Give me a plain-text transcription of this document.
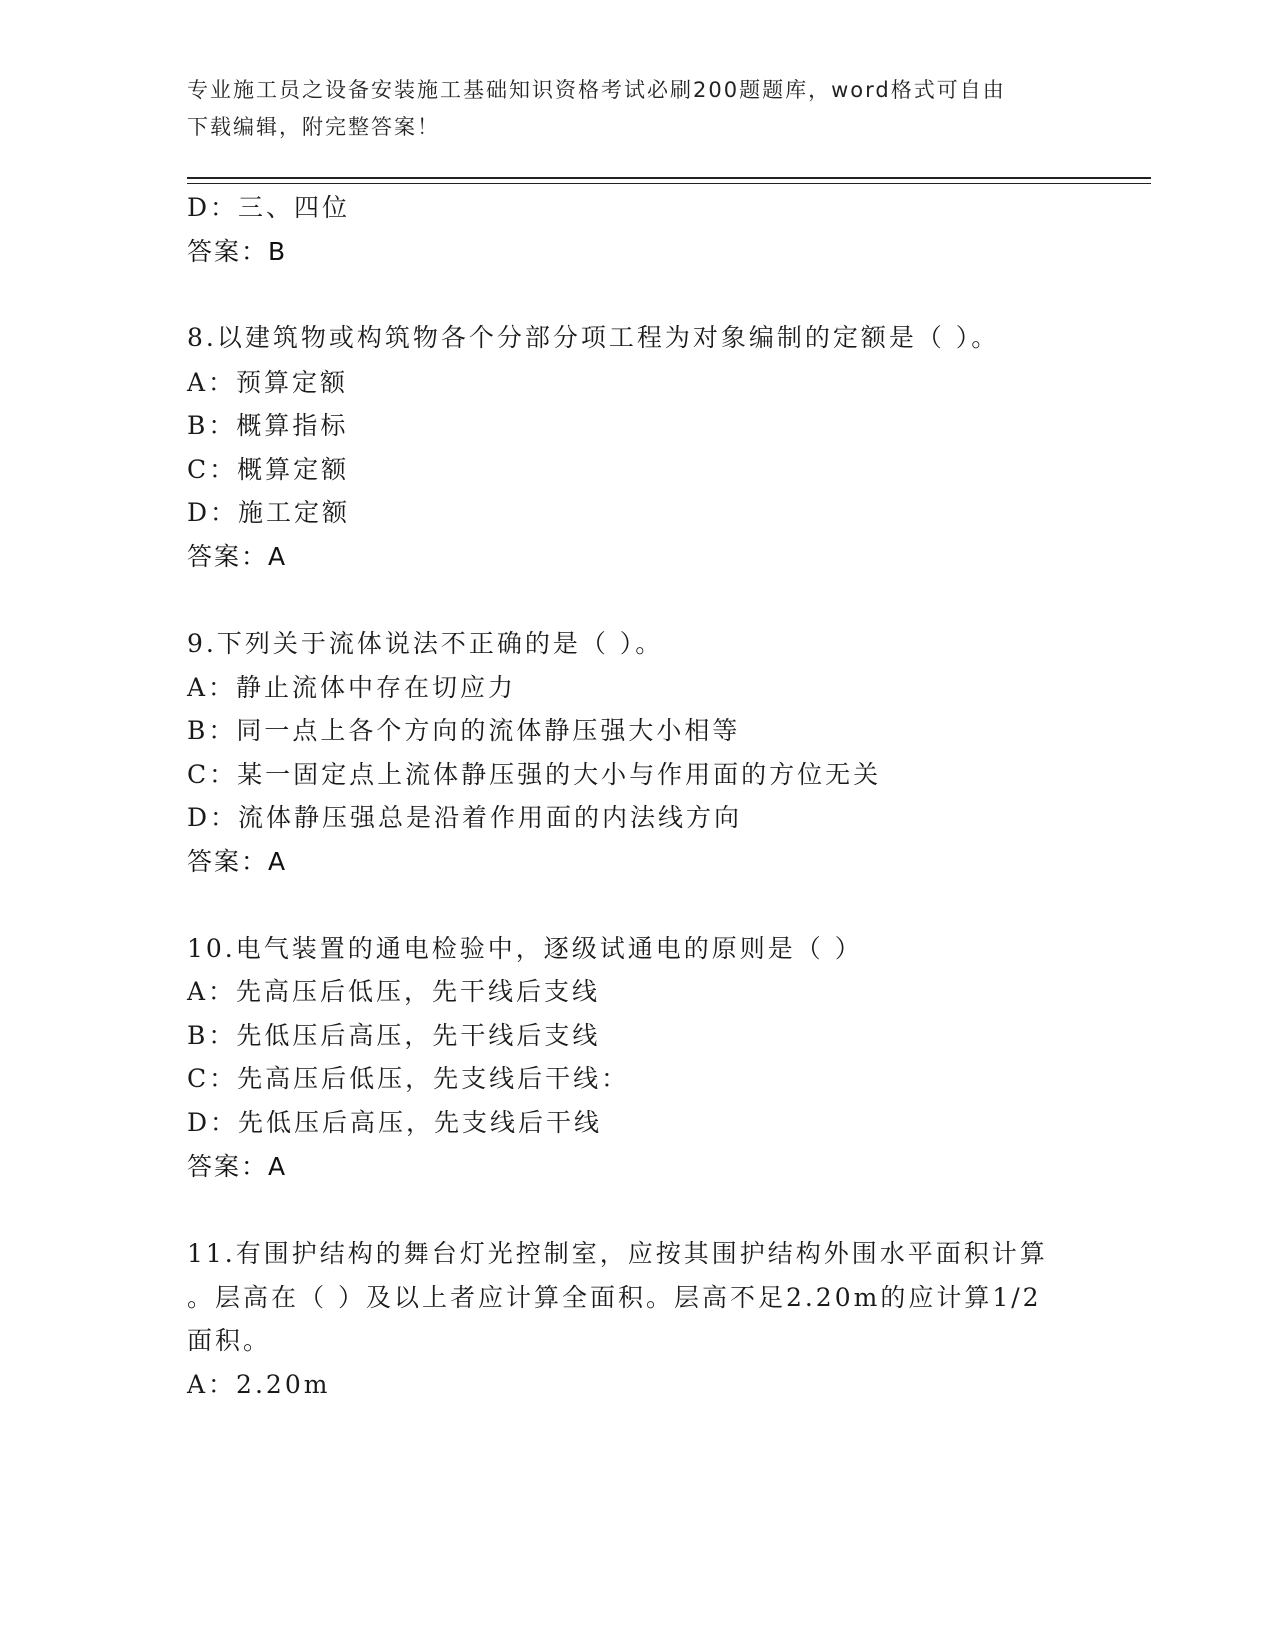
专业施工员之设备安装施工基础知识资格考试必刷200题题库，word格式可自由
下载编辑，附完整答案！

D：三、四位

答案：B

8.以建筑物或构筑物各个分部分项工程为对象编制的定额是（ ）。

A：预算定额

B：概算指标

C：概算定额

D：施工定额

答案：A

9.下列关于流体说法不正确的是（ ）。

A：静止流体中存在切应力

B：同一点上各个方向的流体静压强大小相等

C：某一固定点上流体静压强的大小与作用面的方位无关

D：流体静压强总是沿着作用面的内法线方向

答案：A

10.电气装置的通电检验中，逐级试通电的原则是（ ）

A：先高压后低压，先干线后支线

B：先低压后高压，先干线后支线

C：先高压后低压，先支线后干线：

D：先低压后高压，先支线后干线

答案：A

11.有围护结构的舞台灯光控制室，应按其围护结构外围水平面积计算

。层高在（ ）及以上者应计算全面积。层高不足2.20m的应计算1/2

面积。

A：2.20m
